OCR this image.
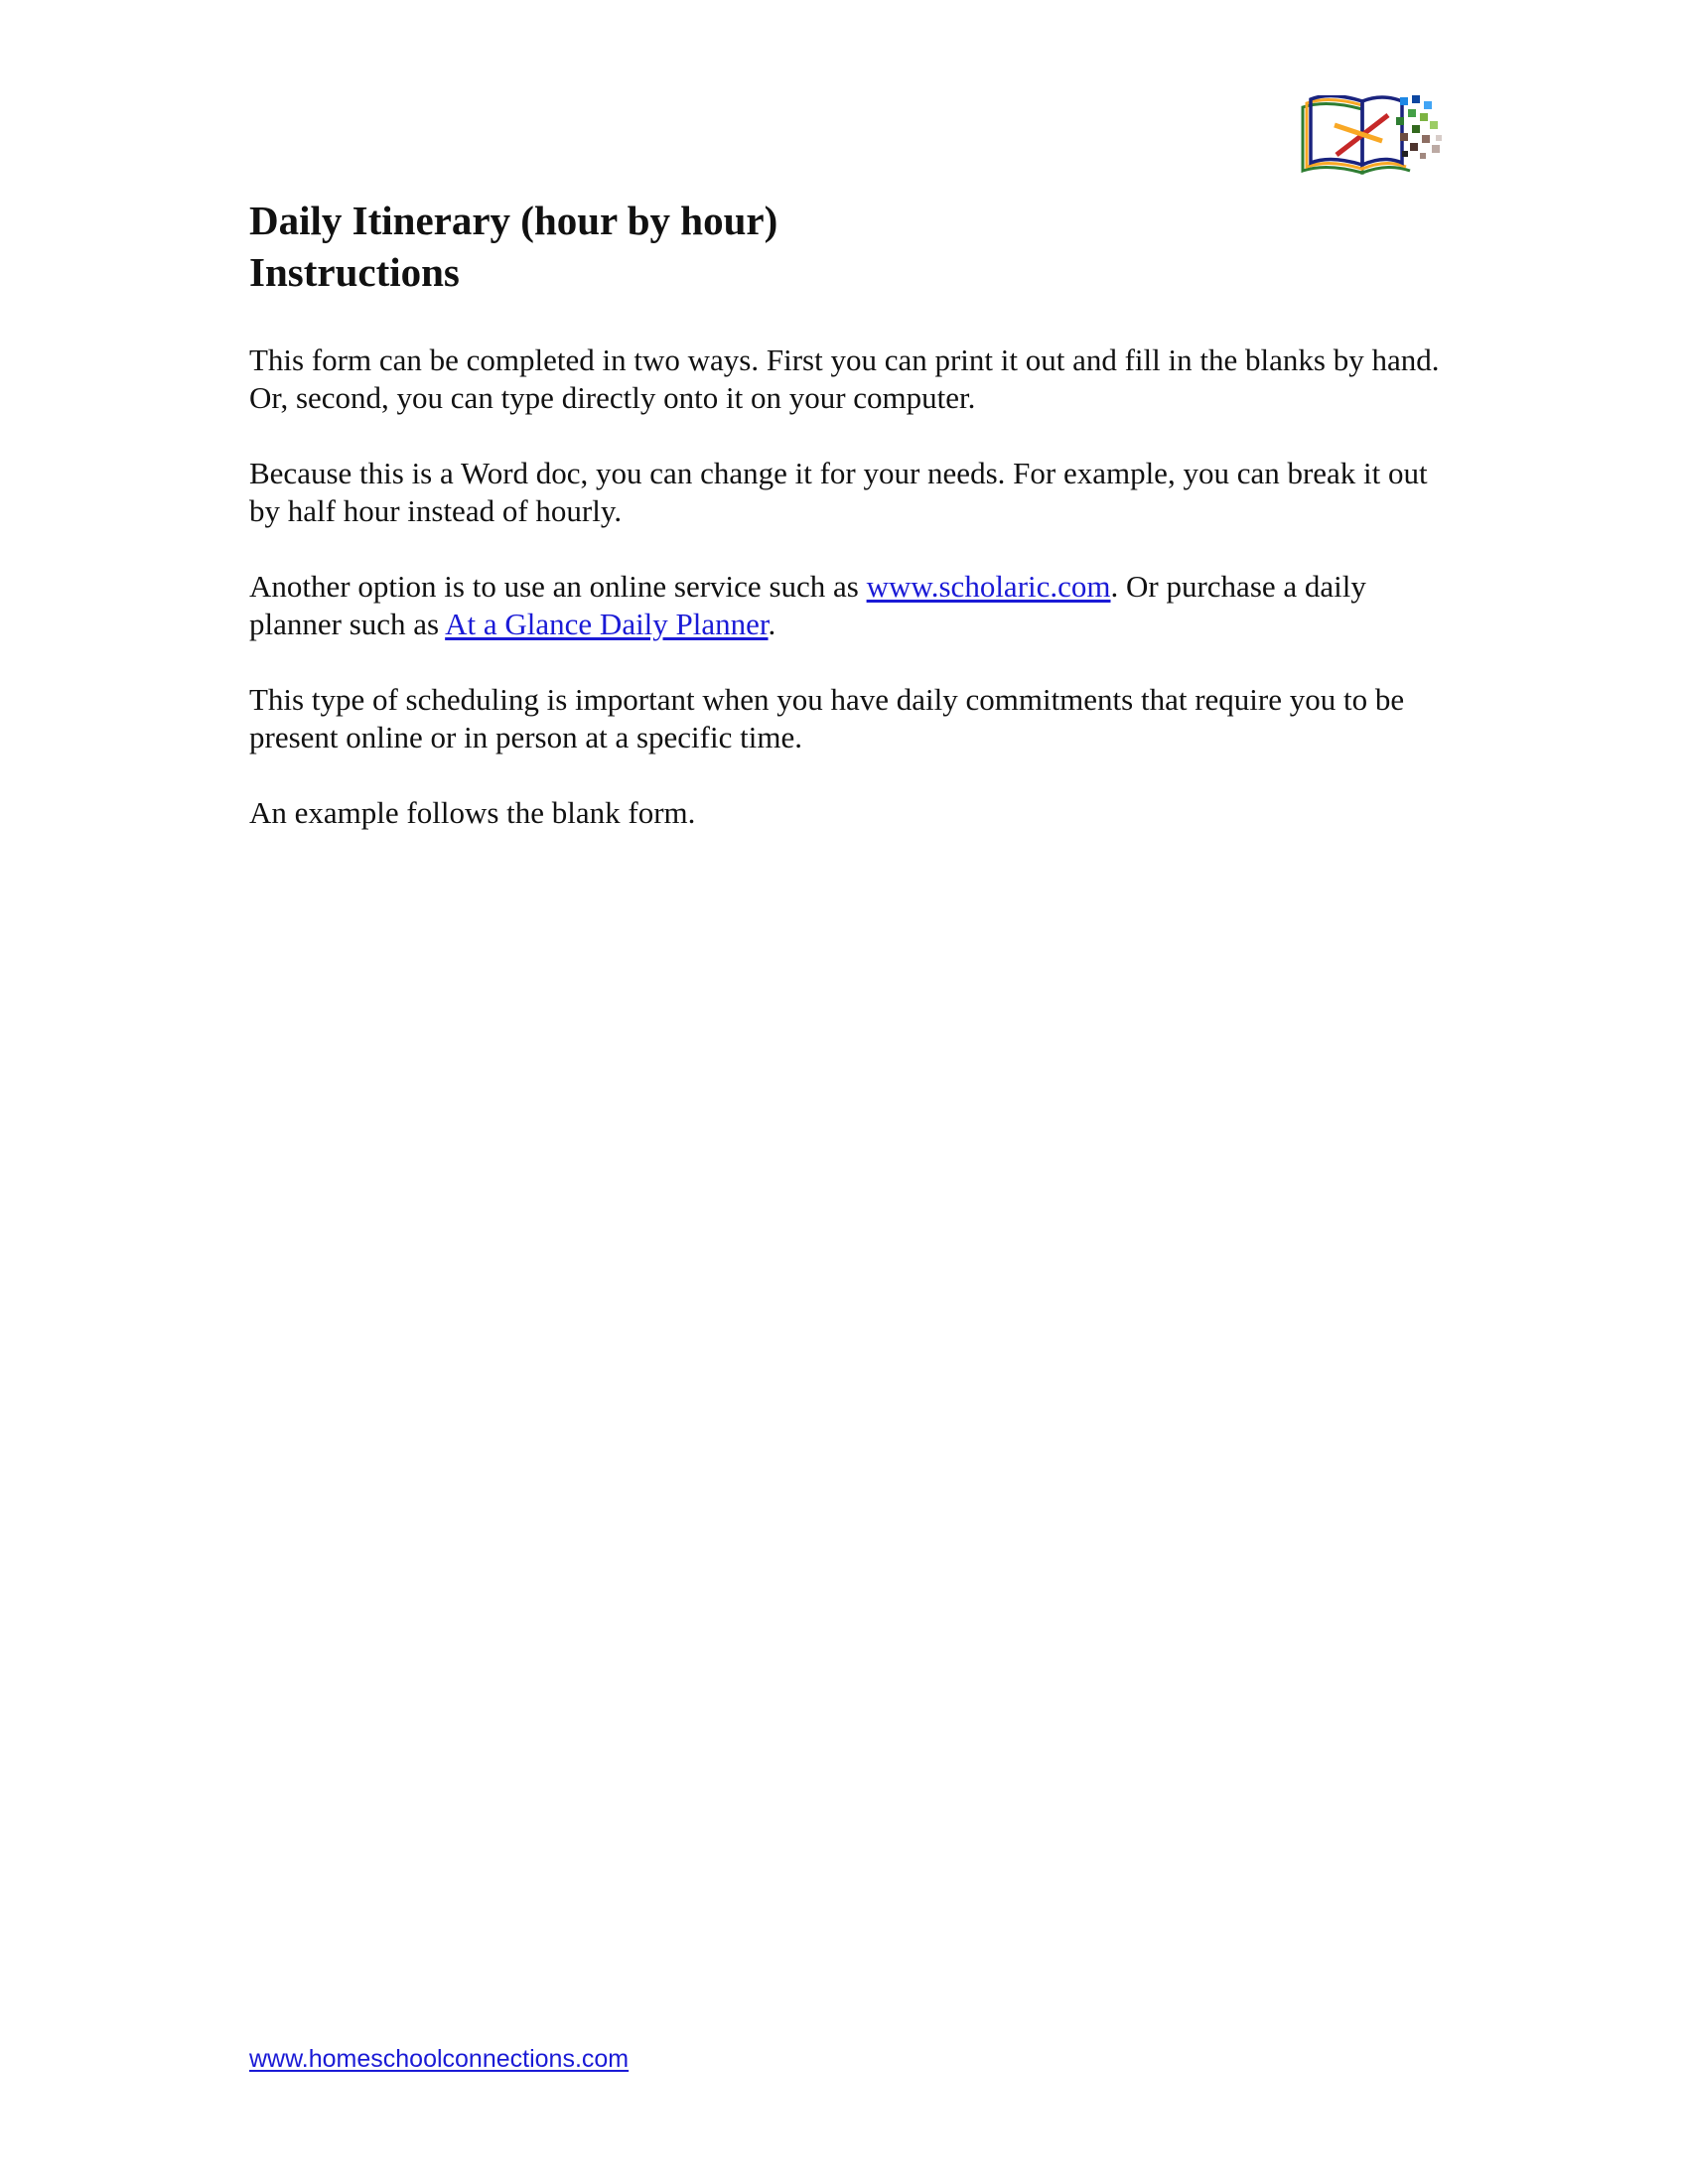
Daily Itinerary (hour by hour)
Instructions

This form can be completed in two ways. First you can print it out and fill in the blanks by hand. Or, second, you can type directly onto it on your computer.

Because this is a Word doc, you can change it for your needs. For example, you can break it out by half hour instead of hourly.

Another option is to use an online service such as www.scholaric.com. Or purchase a daily planner such as At a Glance Daily Planner.

This type of scheduling is important when you have daily commitments that require you to be present online or in person at a specific time.

An example follows the blank form.

www.homeschoolconnections.com
